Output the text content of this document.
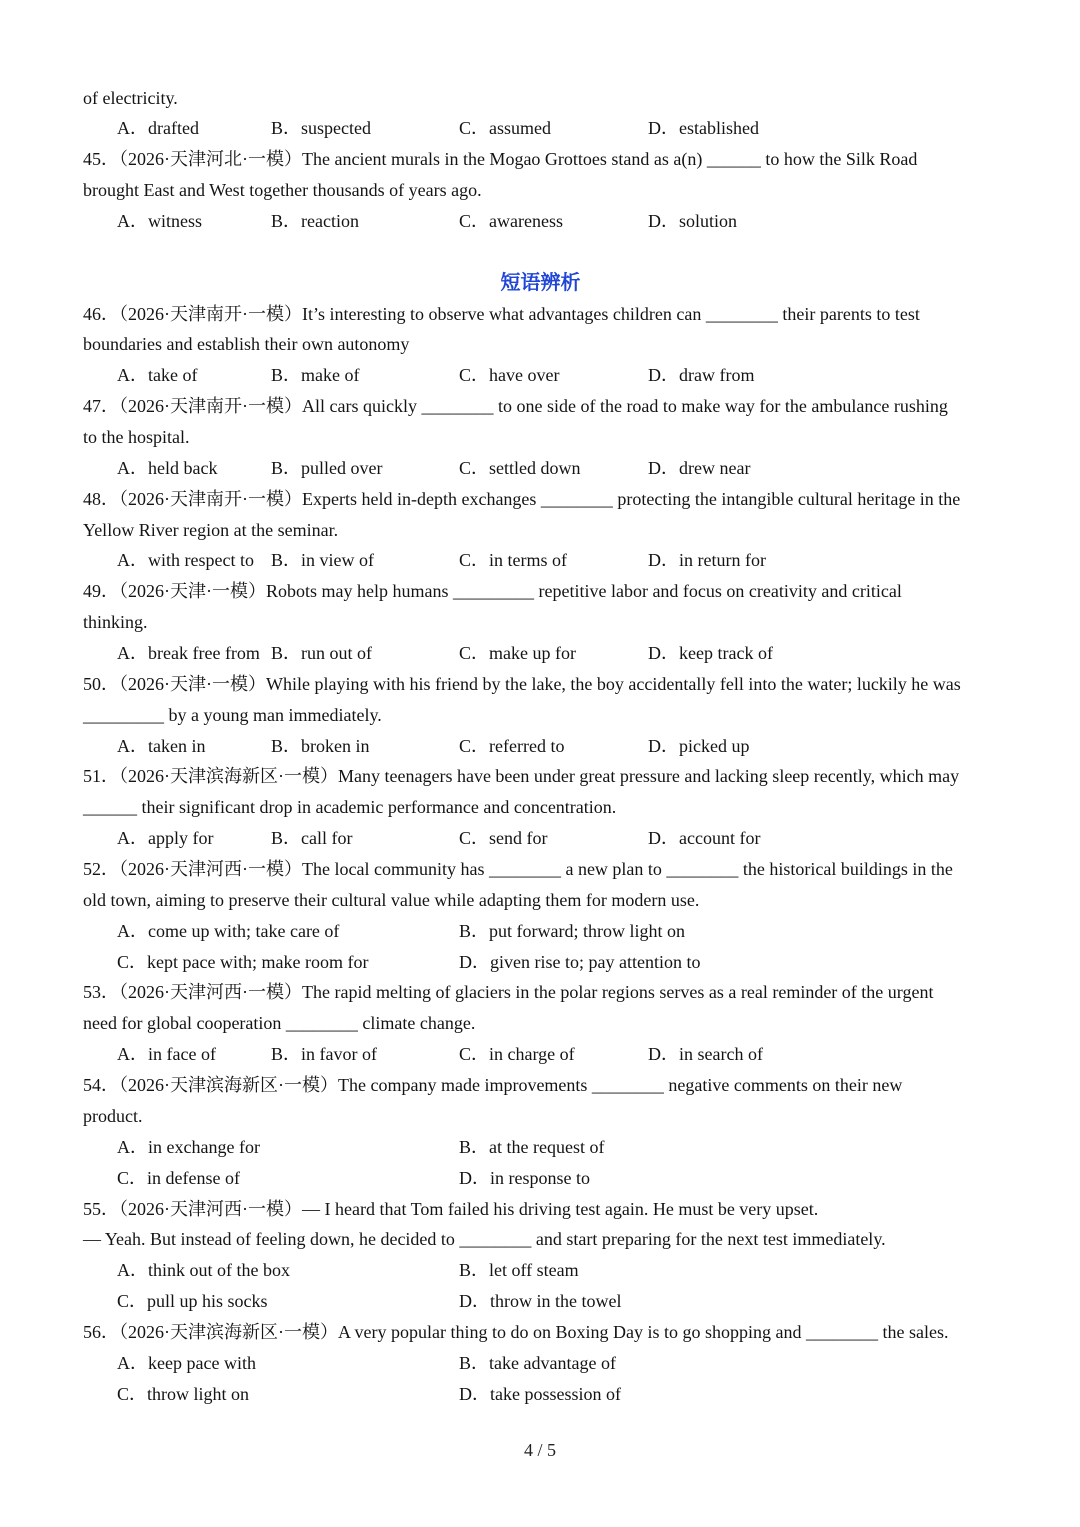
of electricity.
A．drafted	B．suspected	C．assumed	D．established
45．（2026·天津河北·一模）The ancient murals in the Mogao Grottoes stand as a(n) ______ to how the Silk Road
brought East and West together thousands of years ago.
A．witness	B．reaction	C．awareness	D．solution
短语辨析
46．（2026·天津南开·一模）It’s interesting to observe what advantages children can ________ their parents to test
boundaries and establish their own autonomy
A．take of	B．make of	C．have over	D．draw from
47．（2026·天津南开·一模）All cars quickly ________ to one side of the road to make way for the ambulance rushing
to the hospital.
A．held back	B．pulled over	C．settled down	D．drew near
48．（2026·天津南开·一模）Experts held in-depth exchanges ________ protecting the intangible cultural heritage in the
Yellow River region at the seminar.
A．with respect to B．in view of	C．in terms of	D．in return for
49．（2026·天津·一模）Robots may help humans _________ repetitive labor and focus on creativity and critical
thinking.
A．break free from B．run out of	C．make up for	D．keep track of
50．（2026·天津·一模）While playing with his friend by the lake, the boy accidentally fell into the water; luckily he was
_________ by a young man immediately.
A．taken in	B．broken in	C．referred to	D．picked up
51．（2026·天津滨海新区·一模）Many teenagers have been under great pressure and lacking sleep recently, which may
______ their significant drop in academic performance and concentration.
A．apply for	B．call for	C．send for	D．account for
52．（2026·天津河西·一模）The local community has ________ a new plan to ________ the historical buildings in the
old town, aiming to preserve their cultural value while adapting them for modern use.
A．come up with; take care of	B．put forward; throw light on
C．kept pace with; make room for	D．given rise to; pay attention to
53．（2026·天津河西·一模）The rapid melting of glaciers in the polar regions serves as a real reminder of the urgent
need for global cooperation ________ climate change.
A．in face of	B．in favor of	C．in charge of	D．in search of
54．（2026·天津滨海新区·一模）The company made improvements ________ negative comments on their new
product.
A．in exchange for	B．at the request of
C．in defense of	D．in response to
55．（2026·天津河西·一模）— I heard that Tom failed his driving test again. He must be very upset.
— Yeah. But instead of feeling down, he decided to ________ and start preparing for the next test immediately.
A．think out of the box	B．let off steam
C．pull up his socks	D．throw in the towel
56．（2026·天津滨海新区·一模）A very popular thing to do on Boxing Day is to go shopping and ________ the sales.
A．keep pace with	B．take advantage of
C．throw light on	D．take possession of
4 / 5
